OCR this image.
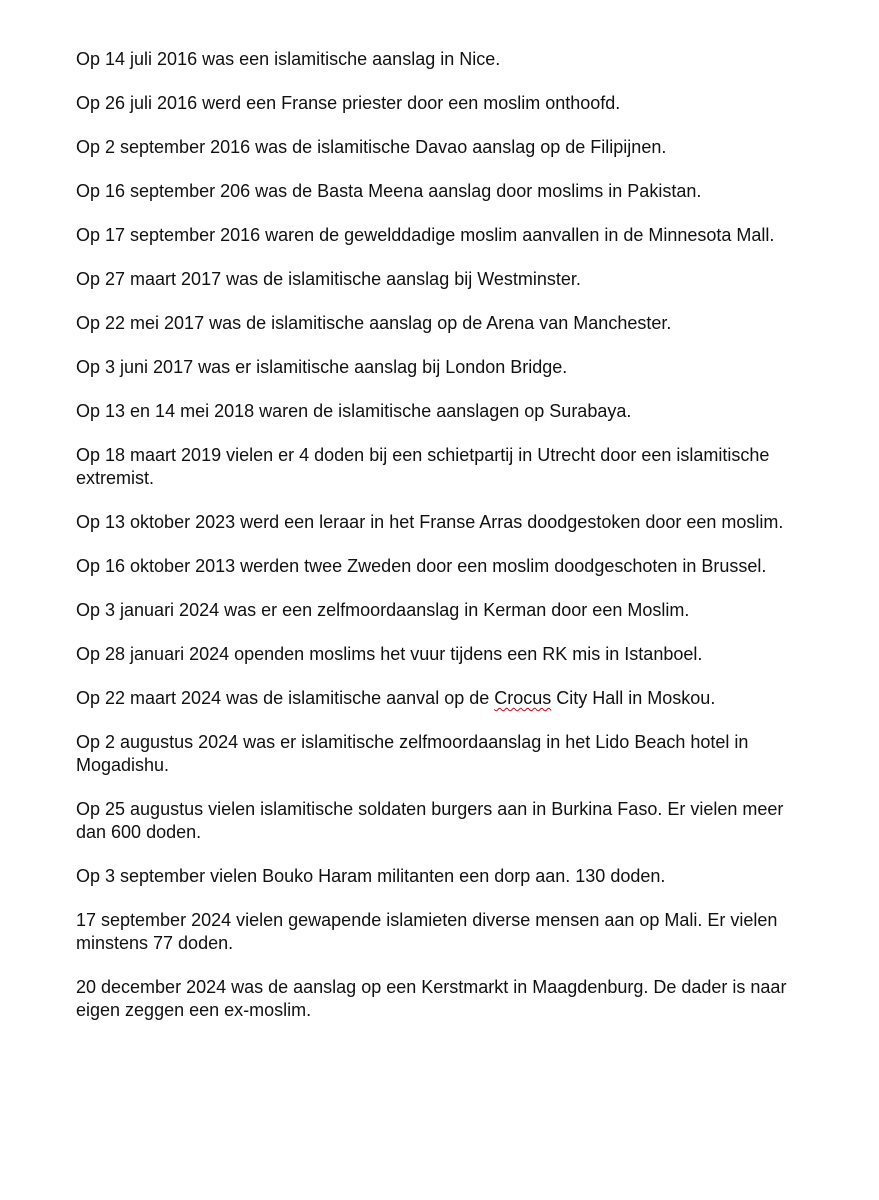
Op 14 juli 2016 was een islamitische aanslag in Nice.

Op 26 juli 2016 werd een Franse priester door een moslim onthoofd.

Op 2 september 2016 was de islamitische Davao aanslag op de Filipijnen.

Op 16 september 206 was de Basta Meena aanslag door moslims in Pakistan.

Op 17 september 2016 waren de gewelddadige moslim aanvallen in de Minnesota Mall.

Op 27 maart 2017 was de islamitische aanslag bij Westminster.

Op 22 mei 2017 was de islamitische aanslag op de Arena van Manchester.

Op 3 juni 2017 was er islamitische aanslag bij London Bridge.

Op 13 en 14 mei 2018 waren de islamitische aanslagen op Surabaya.

Op 18 maart 2019 vielen er 4 doden bij een schietpartij in Utrecht door een islamitische extremist.

Op 13 oktober 2023 werd een leraar in het Franse Arras doodgestoken door een moslim.

Op 16 oktober 2013 werden twee Zweden door een moslim doodgeschoten in Brussel.

Op 3 januari 2024 was er een zelfmoordaanslag in Kerman door een Moslim.

Op 28 januari 2024 openden moslims het vuur tijdens een RK mis in Istanboel.

Op 22 maart 2024 was de islamitische aanval op de Crocus City Hall in Moskou.

Op 2 augustus 2024 was er islamitische zelfmoordaanslag in het Lido Beach hotel in Mogadishu.

Op 25 augustus vielen islamitische soldaten burgers aan in Burkina Faso. Er vielen meer dan 600 doden.

Op 3 september vielen Bouko Haram militanten een dorp aan. 130 doden.

17 september 2024 vielen gewapende islamieten diverse mensen aan op Mali. Er vielen minstens 77 doden.

20 december 2024 was de aanslag op een Kerstmarkt in Maagdenburg. De dader is naar eigen zeggen een ex-moslim.
